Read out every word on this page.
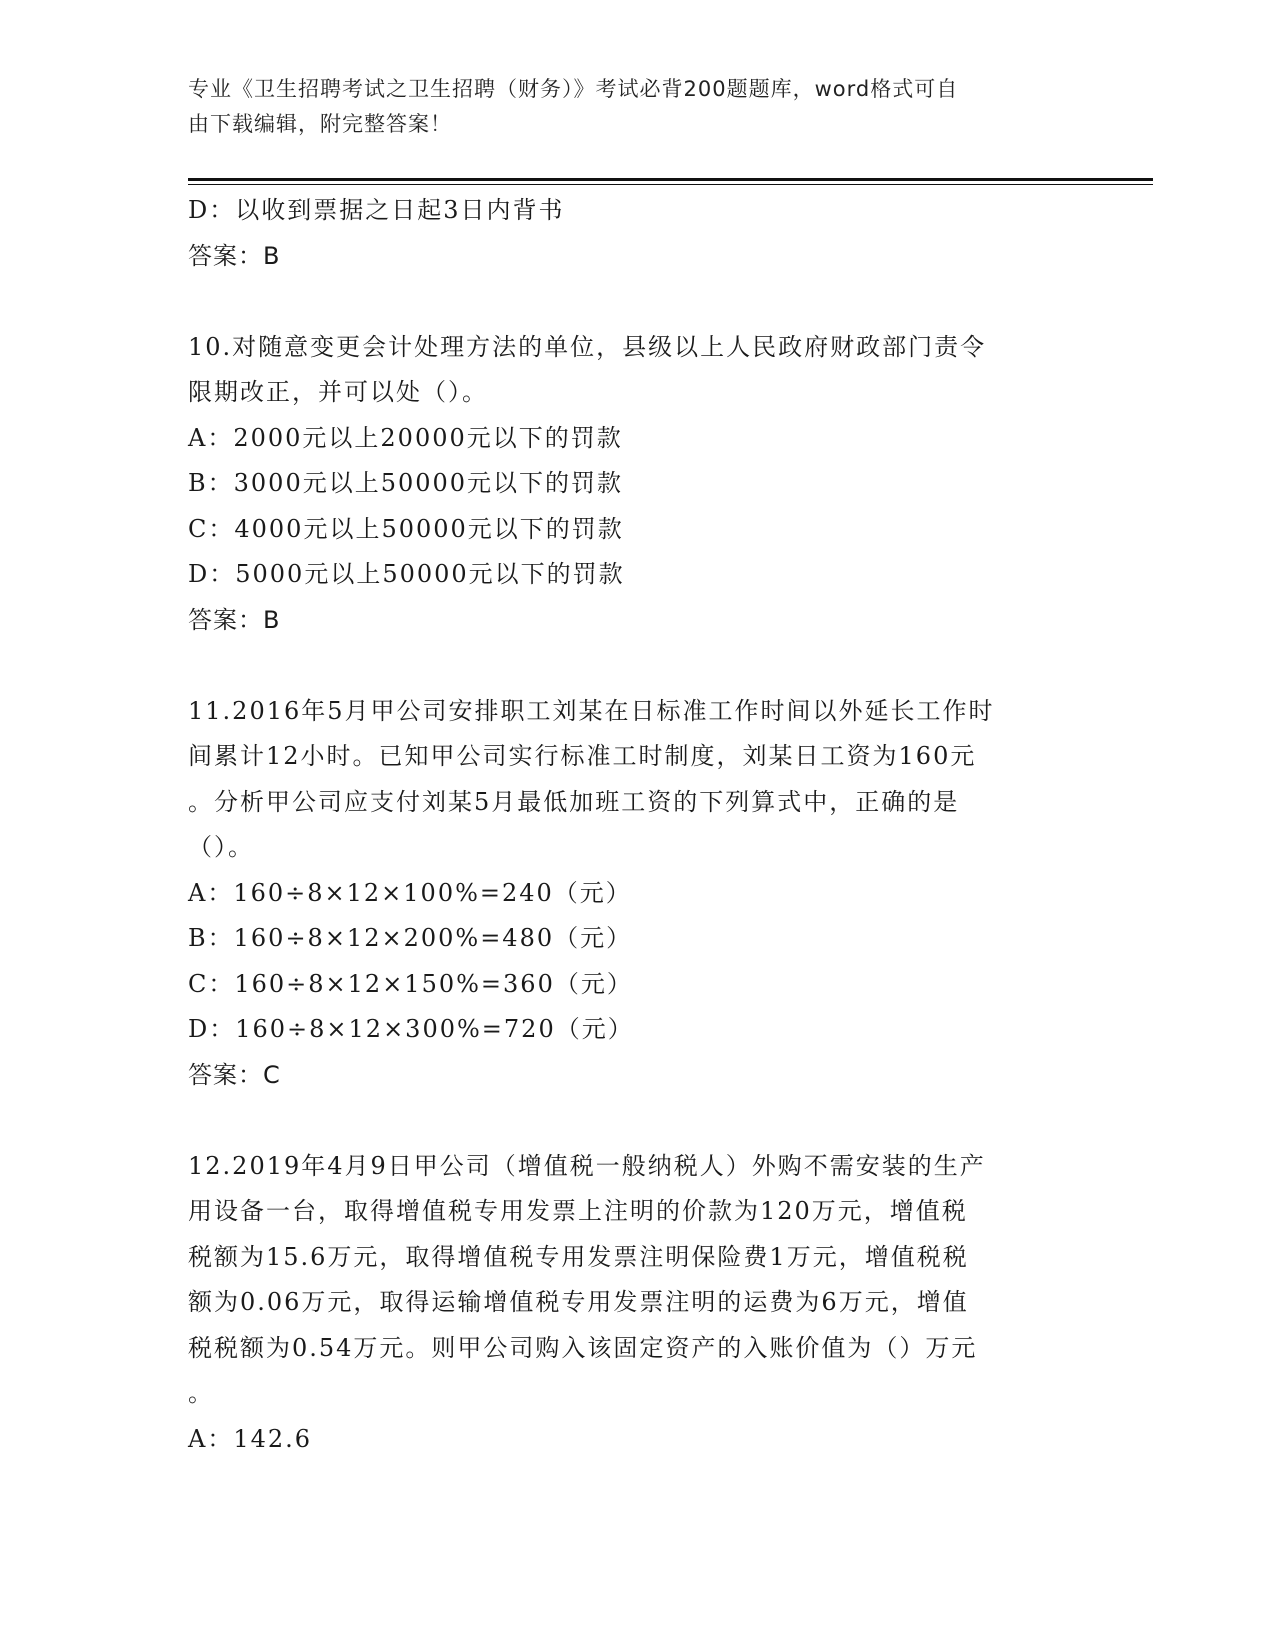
专业《卫生招聘考试之卫生招聘（财务）》考试必背200题题库，word格式可自
由下载编辑，附完整答案！
D：以收到票据之日起3日内背书
答案：B
10.对随意变更会计处理方法的单位，县级以上人民政府财政部门责令
限期改正，并可以处（）。
A：2000元以上20000元以下的罚款
B：3000元以上50000元以下的罚款
C：4000元以上50000元以下的罚款
D：5000元以上50000元以下的罚款
答案：B
11.2016年5月甲公司安排职工刘某在日标准工作时间以外延长工作时
间累计12小时。已知甲公司实行标准工时制度，刘某日工资为160元
。分析甲公司应支付刘某5月最低加班工资的下列算式中，正确的是
（）。
A：160÷8×12×100%=240（元）
B：160÷8×12×200%=480（元）
C：160÷8×12×150%=360（元）
D：160÷8×12×300%=720（元）
答案：C
12.2019年4月9日甲公司（增值税一般纳税人）外购不需安装的生产
用设备一台，取得增值税专用发票上注明的价款为120万元，增值税
税额为15.6万元，取得增值税专用发票注明保险费1万元，增值税税
额为0.06万元，取得运输增值税专用发票注明的运费为6万元，增值
税税额为0.54万元。则甲公司购入该固定资产的入账价值为（）万元
。
A：142.6
